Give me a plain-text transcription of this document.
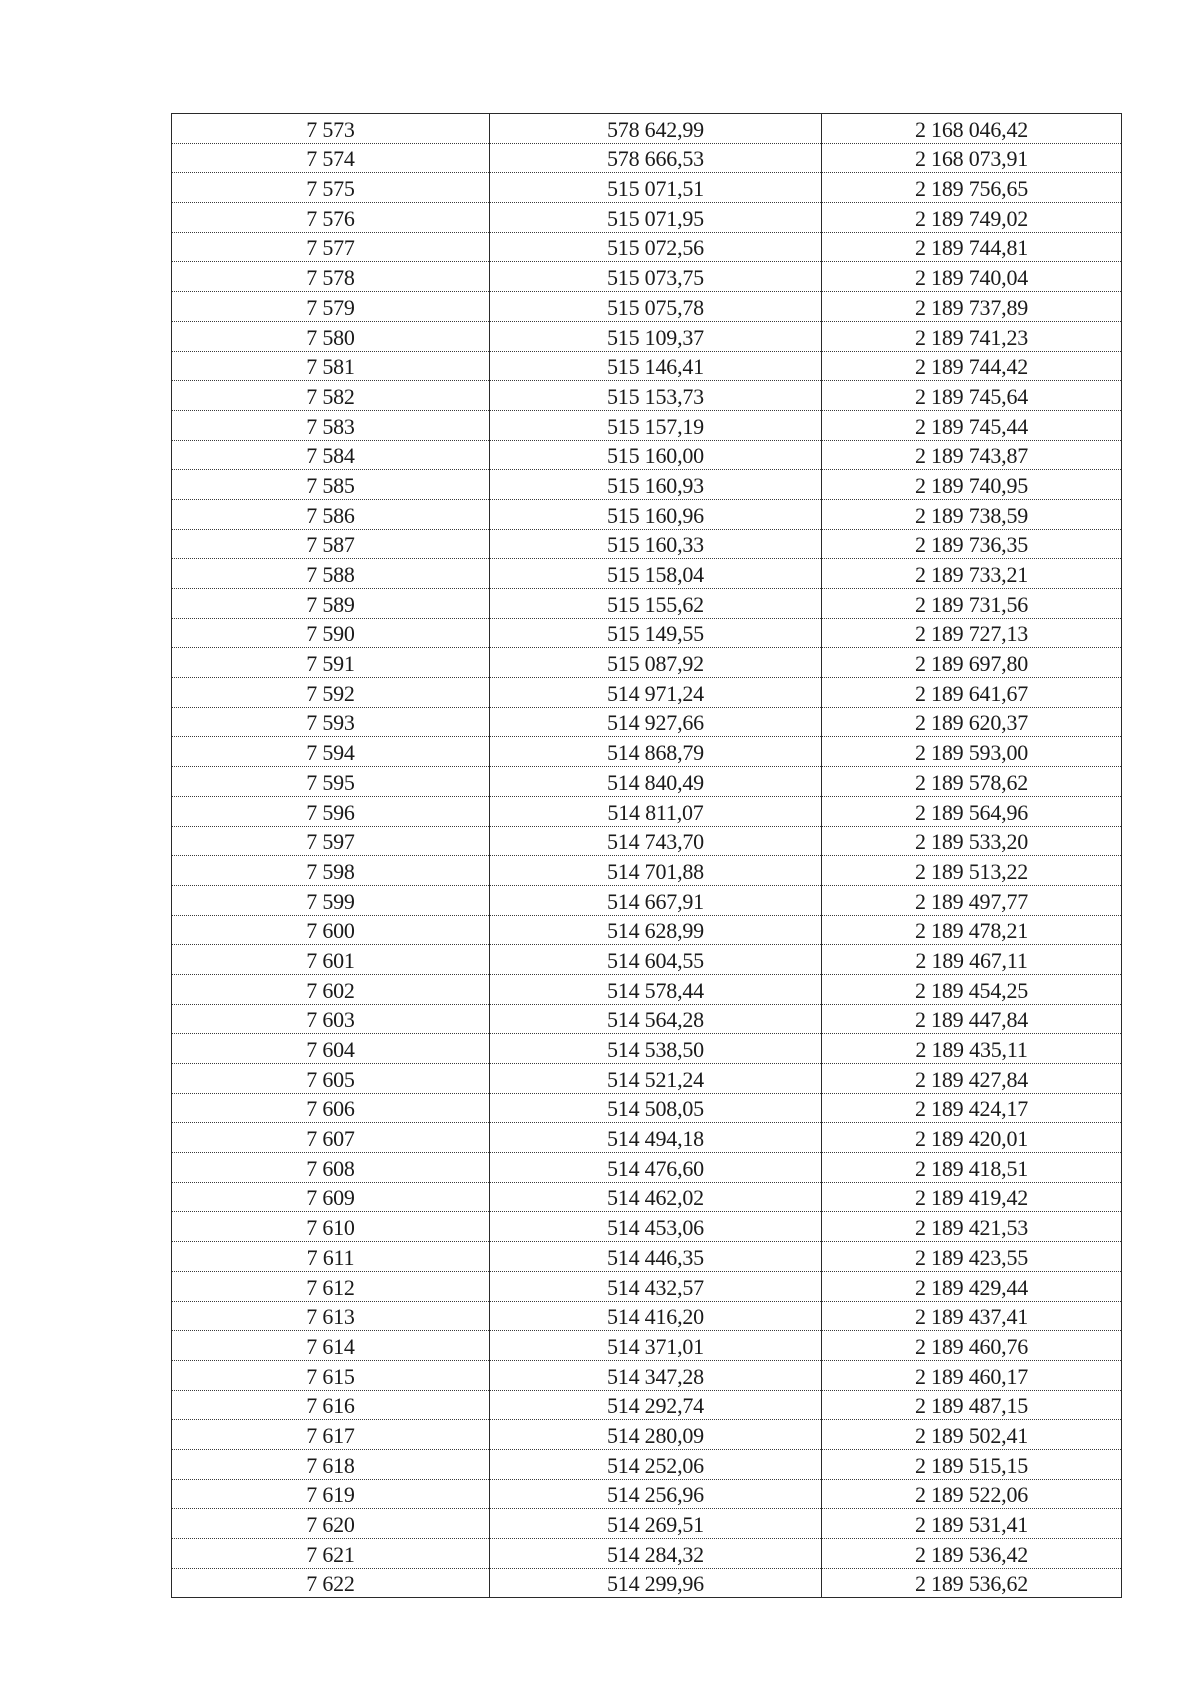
7 573	578 642,99	2 168 046,42
7 574	578 666,53	2 168 073,91
7 575	515 071,51	2 189 756,65
7 576	515 071,95	2 189 749,02
7 577	515 072,56	2 189 744,81
7 578	515 073,75	2 189 740,04
7 579	515 075,78	2 189 737,89
7 580	515 109,37	2 189 741,23
7 581	515 146,41	2 189 744,42
7 582	515 153,73	2 189 745,64
7 583	515 157,19	2 189 745,44
7 584	515 160,00	2 189 743,87
7 585	515 160,93	2 189 740,95
7 586	515 160,96	2 189 738,59
7 587	515 160,33	2 189 736,35
7 588	515 158,04	2 189 733,21
7 589	515 155,62	2 189 731,56
7 590	515 149,55	2 189 727,13
7 591	515 087,92	2 189 697,80
7 592	514 971,24	2 189 641,67
7 593	514 927,66	2 189 620,37
7 594	514 868,79	2 189 593,00
7 595	514 840,49	2 189 578,62
7 596	514 811,07	2 189 564,96
7 597	514 743,70	2 189 533,20
7 598	514 701,88	2 189 513,22
7 599	514 667,91	2 189 497,77
7 600	514 628,99	2 189 478,21
7 601	514 604,55	2 189 467,11
7 602	514 578,44	2 189 454,25
7 603	514 564,28	2 189 447,84
7 604	514 538,50	2 189 435,11
7 605	514 521,24	2 189 427,84
7 606	514 508,05	2 189 424,17
7 607	514 494,18	2 189 420,01
7 608	514 476,60	2 189 418,51
7 609	514 462,02	2 189 419,42
7 610	514 453,06	2 189 421,53
7 611	514 446,35	2 189 423,55
7 612	514 432,57	2 189 429,44
7 613	514 416,20	2 189 437,41
7 614	514 371,01	2 189 460,76
7 615	514 347,28	2 189 460,17
7 616	514 292,74	2 189 487,15
7 617	514 280,09	2 189 502,41
7 618	514 252,06	2 189 515,15
7 619	514 256,96	2 189 522,06
7 620	514 269,51	2 189 531,41
7 621	514 284,32	2 189 536,42
7 622	514 299,96	2 189 536,62
